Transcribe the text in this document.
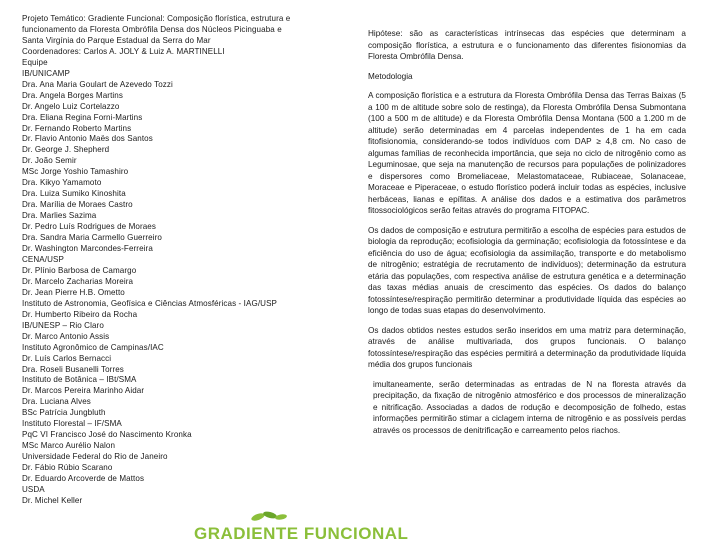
Projeto Temático: Gradiente Funcional: Composição florística, estrutura e
funcionamento da Floresta Ombrófila Densa dos Núcleos Picinguaba e
Santa Virgínia do Parque Estadual da Serra do Mar
Coordenadores: Carlos A. JOLY & Luiz A. MARTINELLI
Equipe
IB/UNICAMP
Dra. Ana Maria Goulart de Azevedo Tozzi
Dra. Angela Borges Martins
Dr. Angelo Luiz Cortelazzo
Dra. Eliana Regina Forni-Martins
Dr. Fernando Roberto Martins
Dr. Flavio Antonio Maës dos Santos
Dr. George J. Shepherd
Dr. João Semir
MSc Jorge Yoshio Tamashiro
Dra. Kikyo Yamamoto
Dra. Luiza Sumiko Kinoshita
Dra. Marília de Moraes Castro
Dra. Marlies Sazima
Dr. Pedro Luís Rodrigues de Moraes
Dra. Sandra Maria Carmello Guerreiro
Dr. Washington Marcondes-Ferreira
CENA/USP
Dr. Plínio Barbosa de Camargo
Dr. Marcelo Zacharias Moreira
Dr. Jean Pierre H.B. Ometto
Instituto de Astronomia, Geofísica e Ciências Atmosféricas - IAG/USP
Dr. Humberto Ribeiro da Rocha
IB/UNESP – Rio Claro
Dr. Marco Antonio Assis
Instituto Agronômico de Campinas/IAC
Dr. Luís Carlos Bernacci
Dra. Roseli Busanelli Torres
Instituto de Botânica – IBt/SMA
Dr. Marcos Pereira Marinho Aidar
Dra. Luciana Alves
BSc Patrícia Jungbluth
Instituto Florestal – IF/SMA
PqC VI Francisco José do Nascimento Kronka
MSc Marco Aurélio Nalon
Universidade Federal do Rio de Janeiro
Dr. Fábio Rúbio Scarano
Dr. Eduardo Arcoverde de Mattos
USDA
Dr. Michel Keller

Hipótese: são as características intrínsecas das espécies que determinam a composição florística, a estrutura e o funcionamento das diferentes fisionomias da Floresta Ombrófila Densa.

Metodologia

A composição florística e a estrutura da Floresta Ombrófila Densa das Terras Baixas (5 a 100 m de altitude sobre solo de restinga), da Floresta Ombrófila Densa Submontana (100 a 500 m de altitude) e da Floresta Ombrófila Densa Montana (500 a 1.200 m de altitude) serão determinadas em 4 parcelas independentes de 1 ha em cada fitofisionomia, considerando-se todos indivíduos com DAP ≥ 4,8 cm. No caso de algumas famílias de reconhecida importância, que seja no ciclo de nitrogênio como as Leguminosae, que seja na manutenção de recursos para populações de polinizadores e dispersores como Bromeliaceae, Melastomataceae, Rubiaceae, Solanaceae, Moraceae e Piperaceae, o estudo florístico poderá incluir todas as espécies, inclusive herbáceas, lianas e epífitas. A análise dos dados e a estimativa dos parâmetros fitossociológicos serão feitas através do programa FITOPAC.

Os dados de composição e estrutura permitirão a escolha de espécies para estudos de biologia da reprodução; ecofisiologia da germinação; ecofisiologia da fotossíntese e da eficiência do uso de água; ecofisiologia da assimilação, transporte e do metabolismo de nitrogênio; estratégia de recrutamento de indivíduos); determinação da estrutura etária das populações, com respectiva análise de estrutura genética e a determinação das taxas médias anuais de crescimento das espécies. Os dados do balanço fotossíntese/respiração permitirão determinar a produtividade líquida das espécies ao longo de todas suas etapas do desenvolvimento.

Os dados obtidos nestes estudos serão inseridos em uma matriz para determinação, através de análise multivariada, dos grupos funcionais. O balanço fotossíntese/respiração das espécies permitirá a determinação da produtividade líquida média dos grupos funcionais

imultaneamente, serão determinadas as entradas de N na floresta através da precipitação, da fixação de nitrogênio atmosférico e dos processos de mineralização e nitrificação. Associadas a dados de rodução e decomposição de folhedo, estas informações permitirão stimar a ciclagem interna de nitrogênio e as possíveis perdas através os processos de denitrificação e carreamento pelos riachos.

GRADIENTE FUNCIONAL
